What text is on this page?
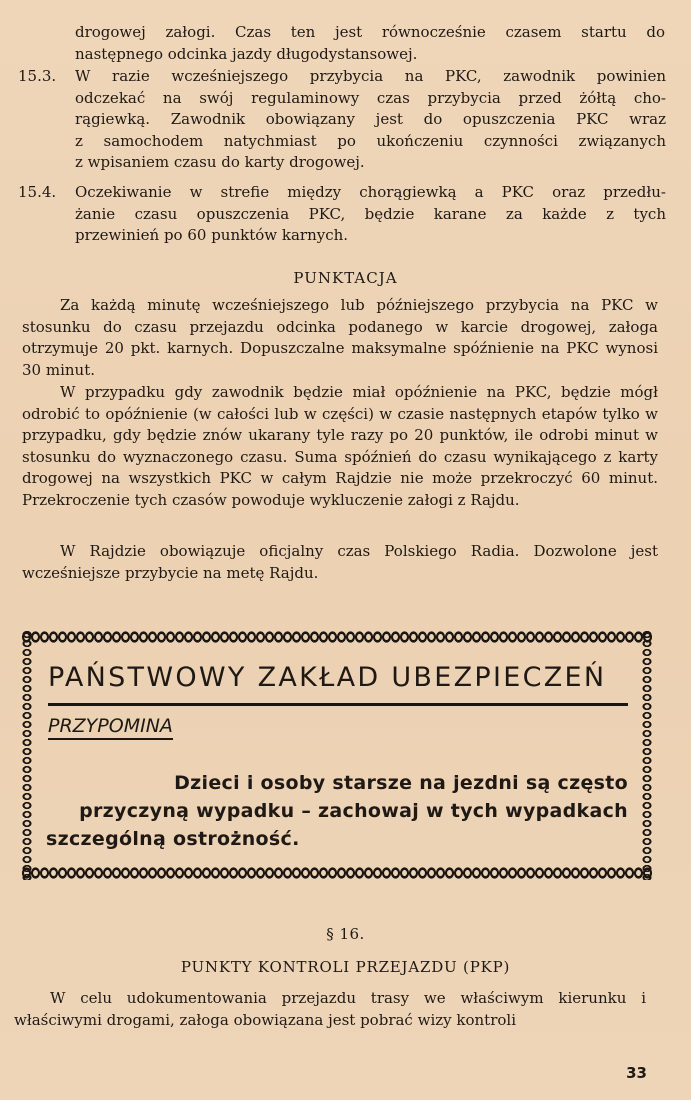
drogowej załogi. Czas ten jest równocześnie czasem startu do
następnego odcinka jazdy długodystansowej.
15.3.	W razie wcześniejszego przybycia na PKC, zawodnik powinien
odczekać na swój regulaminowy czas przybycia przed żółtą cho-
rągiewką. Zawodnik obowiązany jest do opuszczenia PKC wraz
z samochodem natychmiast po ukończeniu czynności związanych
z wpisaniem czasu do karty drogowej.
15.4.	Oczekiwanie w strefie między chorągiewką a PKC oraz przedłu-
żanie czasu opuszczenia PKC, będzie karane za każde z tych
przewinień po 60 punktów karnych.
PUNKTACJA
Za każdą minutę wcześniejszego lub późniejszego przybycia na PKC w stosunku do czasu przejazdu odcinka podanego w karcie drogowej, załoga otrzymuje 20 pkt. karnych. Dopuszczalne maksymalne spóźnienie na PKC wynosi 30 minut.
W przypadku gdy zawodnik będzie miał opóźnienie na PKC, będzie mógł odrobić to opóźnienie (w całości lub w części) w czasie następnych etapów tylko w przypadku, gdy będzie znów ukarany tyle razy po 20 punktów, ile odrobi minut w stosunku do wyznaczonego czasu. Suma spóźnień do czasu wynikającego z karty drogowej na wszystkich PKC w całym Rajdzie nie może przekroczyć 60 minut. Przekroczenie tych czasów powoduje wykluczenie załogi z Rajdu.
W Rajdzie obowiązuje oficjalny czas Polskiego Radia. Dozwolone jest wcześniejsze przybycie na metę Rajdu.
PAŃSTWOWY ZAKŁAD UBEZPIECZEŃ
PRZYPOMINA
Dzieci i osoby starsze na jezdni są często
przyczyną wypadku – zachowaj w tych wypadkach
szczególną ostrożność.
§ 16.
PUNKTY KONTROLI PRZEJAZDU (PKP)
W celu udokumentowania przejazdu trasy we właściwym kierunku i właściwymi drogami, załoga obowiązana jest pobrać wizy kontroli
33
